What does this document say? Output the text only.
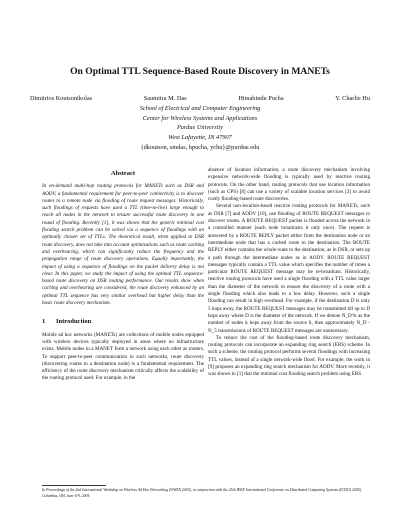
On Optimal TTL Sequence-Based Route Discovery in MANETs
Dimitrios Koutsonikolas	Saumitra M. Das	Himabindu Pucha	Y. Charlie Hu
School of Electrical and Computer Engineering
Center for Wireless Systems and Applications
Purdue University
West Lafayette, IN 47907
{dkoutson, smdas, hpucha, ychu}@purdue.edu
Abstract

In on-demand multi-hop routing protocols for MANETs such as DSR and AODV, a fundamental requirement for peer-to-peer connectivity is to discover routes to a remote node via flooding of route request messages. Historically, such floodings of requests have used a TTL (time-to-live) large enough to reach all nodes in the network to ensure successful route discovery in one round of flooding. Recently [1], it was shown that the generic minimal cost flooding search problem can be solved via a sequence of floodings with an optimally chosen set of TTLs. The theoretical result, when applied to DSR route discovery, does not take into account optimizations such as route caching and overhearing, which can significantly reduce the frequency and the propagation range of route discovery operations. Equally importantly, the impact of using a sequence of floodings on the packet delivery delay is not clear. In this paper, we study the impact of using the optimal TTL sequence-based route discovery on DSR routing performance. Our results show when caching and overhearing are considered, the route discovery enhanced by an optimal TTL sequence has very similar overhead but higher delay than the basic route discovery mechanism.

1 Introduction

Mobile ad hoc networks (MANETs) are collections of mobile nodes equipped with wireless devices typically deployed in areas where no infrastructure exists. Mobile nodes in a MANET form a network using each other as routers. To support peer-to-peer communication in such networks, route discovery (discovering routes to a destination node) is a fundamental requirement. The efficiency of the route discovery mechanism critically affects the scalability of the routing protocol used. For example, in the

absence of location information, a route discovery mechanism involving expensive network-wide flooding is typically used by reactive routing protocols. On the other hand, routing protocols that use location information (such as GPS) [8] can use a variety of scalable location services [3] to avoid costly flooding-based route discoveries.

Several non-location-based reactive routing protocols for MANETs, such as DSR [7] and AODV [10], use flooding of ROUTE REQUEST messages to discover routes. A ROUTE REQUEST packet is flooded across the network in a controlled manner (each node broadcasts it only once). The request is answered by a ROUTE REPLY packet either from the destination node or an intermediate node that has a cached route to the destination. The ROUTE REPLY either contains the whole route to the destination, as in DSR, or sets up a path through the intermediate nodes as in AODV. ROUTE REQUEST messages typically contain a TTL value which specifies the number of times a particular ROUTE REQUEST message may be re-broadcast. Historically, reactive routing protocols have used a single flooding with a TTL value larger than the diameter of the network to ensure the discovery of a route with a single flooding which also leads to a low delay. However, such a single flooding can result in high overhead. For example, if the destination D is only 5 hops away, the ROUTE REQUEST messages may be transmitted till up to D hops away where D is the diameter of the network. If we denote N_D^k as the number of nodes k hops away from the source S, then approximately N_D - N_5 transmissions of ROUTE REQUEST messages are unnecessary.

To reduce the cost of the flooding-based route discovery mechanism, routing protocols can incorporate an expanding ring search (ERS) scheme. In such a scheme, the routing protocol performs several floodings with increasing TTL values, instead of a single network-wide flood. For example, the work in [9] proposes an expanding ring search mechanism for AODV. More recently, it was shown in [1] that the minimal cost flooding search problem using ERS

In Proceedings of the 2nd International Workshop on Wireless Ad Hoc Networking (WWAN 2005), in conjunction with the 25th IEEE International Conference on Distributed Computing Systems (ICDCS 2005), Columbus, OH, June 6-9, 2005.
